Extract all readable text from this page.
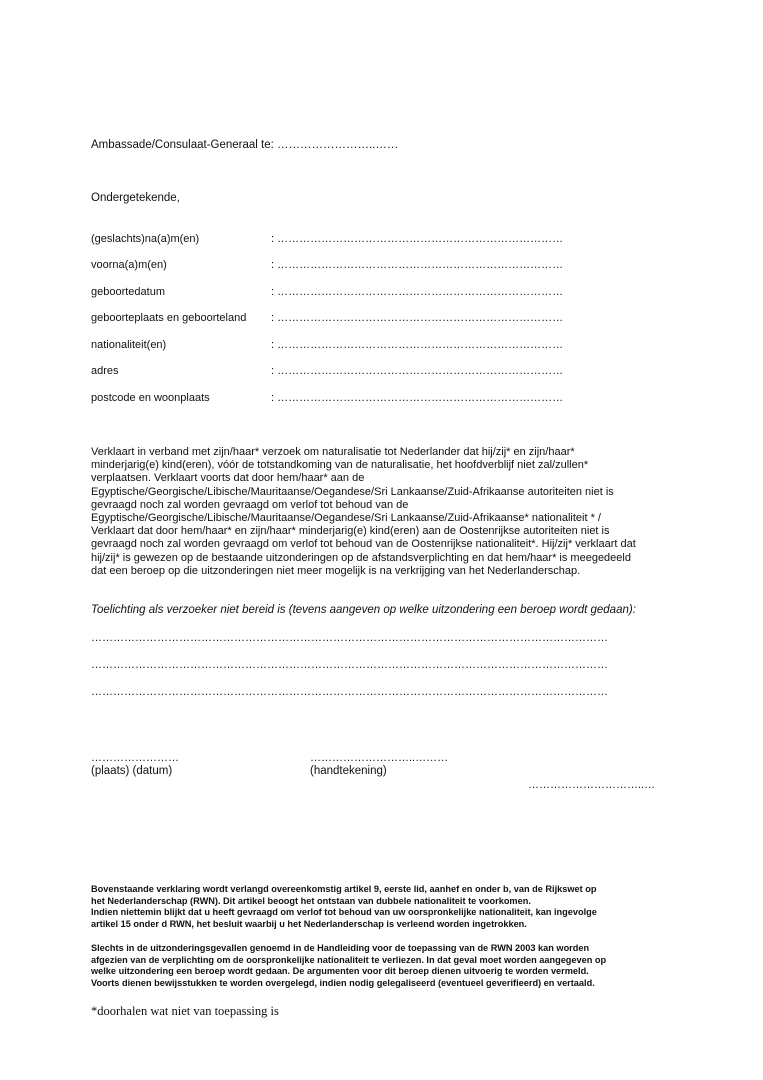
Ambassade/Consulaat-Generaal te: ……………………..……
Ondergetekende,
(geslachts)na(a)m(en)	: ……………………………………………………………………
voorna(a)m(en)	: ……………………………………………………………………
geboortedatum	: ……………………………………………………………………
geboorteplaats en geboorteland : ……………………………………………………………………
nationaliteit(en)	: ……………………………………………………………………
adres	: ……………………………………………………………………
postcode en woonplaats	: ……………………………………………………………………
Verklaart in verband met zijn/haar* verzoek om naturalisatie tot Nederlander dat hij/zij* en zijn/haar*
minderjarig(e) kind(eren), vóór de totstandkoming van de naturalisatie, het hoofdverblijf niet zal/zullen*
verplaatsen. Verklaart voorts dat door hem/haar* aan de
Egyptische/Georgische/Libische/Mauritaanse/Oegandese/Sri Lankaanse/Zuid-Afrikaanse autoriteiten niet is
gevraagd noch zal worden gevraagd om verlof tot behoud van de
Egyptische/Georgische/Libische/Mauritaanse/Oegandese/Sri Lankaanse/Zuid-Afrikaanse* nationaliteit * /
Verklaart dat door hem/haar* en zijn/haar* minderjarig(e) kind(eren) aan de Oostenrijkse autoriteiten niet is
gevraagd noch zal worden gevraagd om verlof tot behoud van de Oostenrijkse nationaliteit*. Hij/zij* verklaart dat
hij/zij* is gewezen op de bestaande uitzonderingen op de afstandsverplichting en dat hem/haar* is meegedeeld
dat een beroep op die uitzonderingen niet meer mogelijk is na verkrijging van het Nederlanderschap.
Toelichting als verzoeker niet bereid is (tevens aangeven op welke uitzondering een beroep wordt gedaan):
……………………………………………………………………………………………………………………………
……………………………………………………………………………………………………………………………
……………………………………………………………………………………………………………………………
……………………
(plaats) (datum)
………………………..………
(handtekening)
…………………………..…
Bovenstaande verklaring wordt verlangd overeenkomstig artikel 9, eerste lid, aanhef en onder b, van de Rijkswet op
het Nederlanderschap (RWN). Dit artikel beoogt het ontstaan van dubbele nationaliteit te voorkomen.
Indien niettemin blijkt dat u heeft gevraagd om verlof tot behoud van uw oorspronkelijke nationaliteit, kan ingevolge
artikel 15 onder d RWN, het besluit waarbij u het Nederlanderschap is verleend worden ingetrokken.
Slechts in de uitzonderingsgevallen genoemd in de Handleiding voor de toepassing van de RWN 2003 kan worden
afgezien van de verplichting om de oorspronkelijke nationaliteit te verliezen. In dat geval moet worden aangegeven op
welke uitzondering een beroep wordt gedaan. De argumenten voor dit beroep dienen uitvoerig te worden vermeld.
Voorts dienen bewijsstukken te worden overgelegd, indien nodig gelegaliseerd (eventueel geverifieerd) en vertaald.
*doorhalen wat niet van toepassing is
